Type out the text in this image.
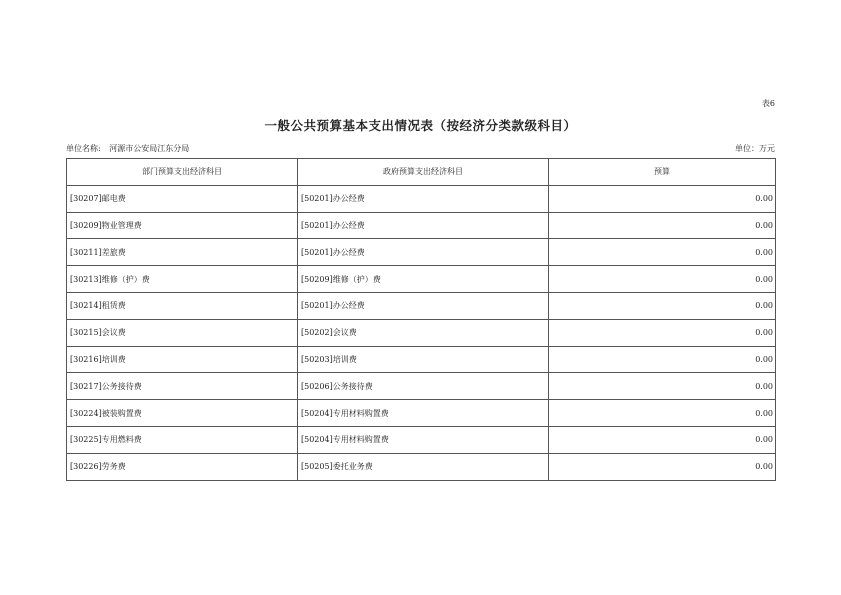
表6
一般公共预算基本支出情况表（按经济分类款级科目）
单位名称: 河源市公安局江东分局	单位：万元
部门预算支出经济科目	政府预算支出经济科目	预算
[30207]邮电费	[50201]办公经费	0.00
[30209]物业管理费	[50201]办公经费	0.00
[30211]差旅费	[50201]办公经费	0.00
[30213]维修（护）费	[50209]维修（护）费	0.00
[30214]租赁费	[50201]办公经费	0.00
[30215]会议费	[50202]会议费	0.00
[30216]培训费	[50203]培训费	0.00
[30217]公务接待费	[50206]公务接待费	0.00
[30224]被装购置费	[50204]专用材料购置费	0.00
[30225]专用燃料费	[50204]专用材料购置费	0.00
[30226]劳务费	[50205]委托业务费	0.00
